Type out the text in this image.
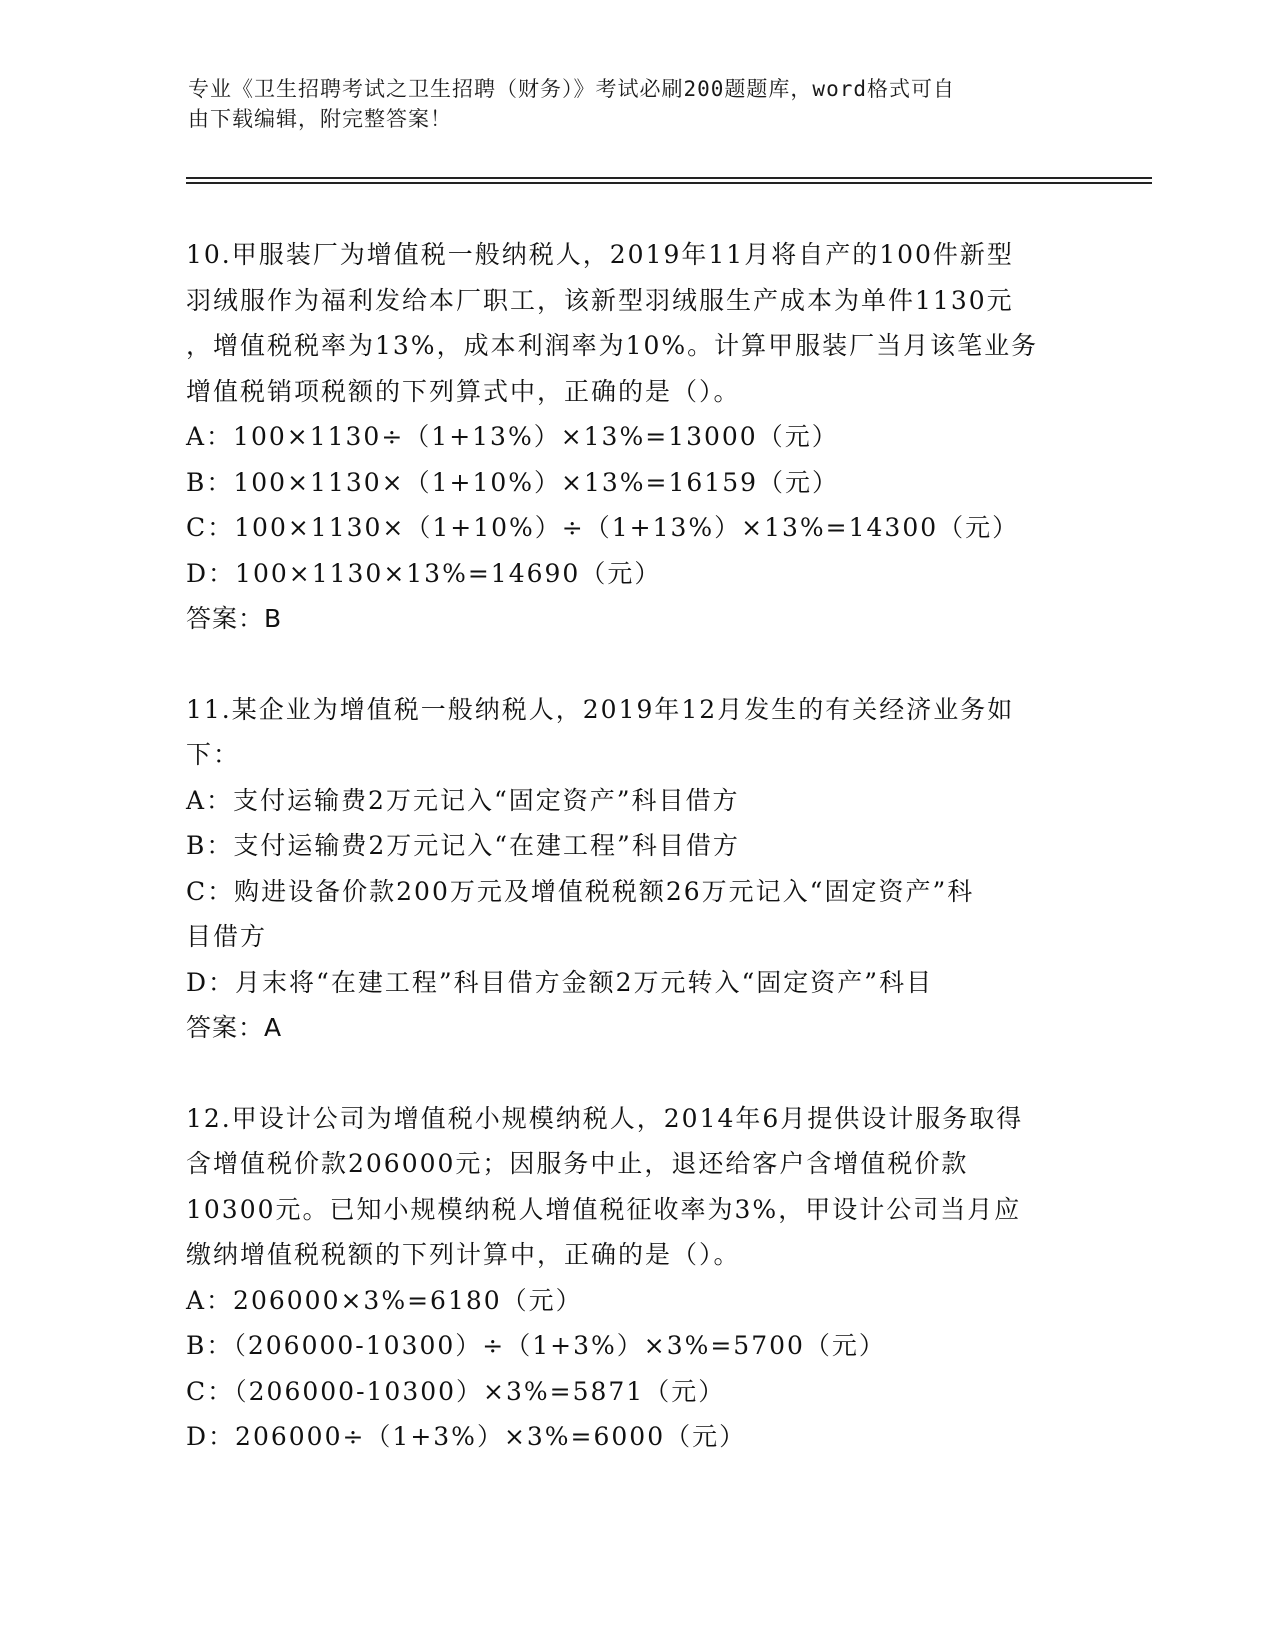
专业《卫生招聘考试之卫生招聘（财务）》考试必刷200题题库，word格式可自
由下载编辑，附完整答案！

10.甲服装厂为增值税一般纳税人，2019年11月将自产的100件新型

羽绒服作为福利发给本厂职工，该新型羽绒服生产成本为单件1130元

，增值税税率为13%，成本利润率为10%。计算甲服装厂当月该笔业务

增值税销项税额的下列算式中，正确的是（）。

A：100×1130÷（1+13%）×13%=13000（元）

B：100×1130×（1+10%）×13%=16159（元）

C：100×1130×（1+10%）÷（1+13%）×13%=14300（元）

D：100×1130×13%=14690（元）

答案：B

11.某企业为增值税一般纳税人，2019年12月发生的有关经济业务如

下：

A：支付运输费2万元记入“固定资产”科目借方

B：支付运输费2万元记入“在建工程”科目借方

C：购进设备价款200万元及增值税税额26万元记入“固定资产”科

目借方

D：月末将“在建工程”科目借方金额2万元转入“固定资产”科目

答案：A

12.甲设计公司为增值税小规模纳税人，2014年6月提供设计服务取得

含增值税价款206000元；因服务中止，退还给客户含增值税价款

10300元。已知小规模纳税人增值税征收率为3%，甲设计公司当月应

缴纳增值税税额的下列计算中，正确的是（）。

A：206000×3%=6180（元）

B：（206000-10300）÷（1+3%）×3%=5700（元）

C：（206000-10300）×3%=5871（元）

D：206000÷（1+3%）×3%=6000（元）
